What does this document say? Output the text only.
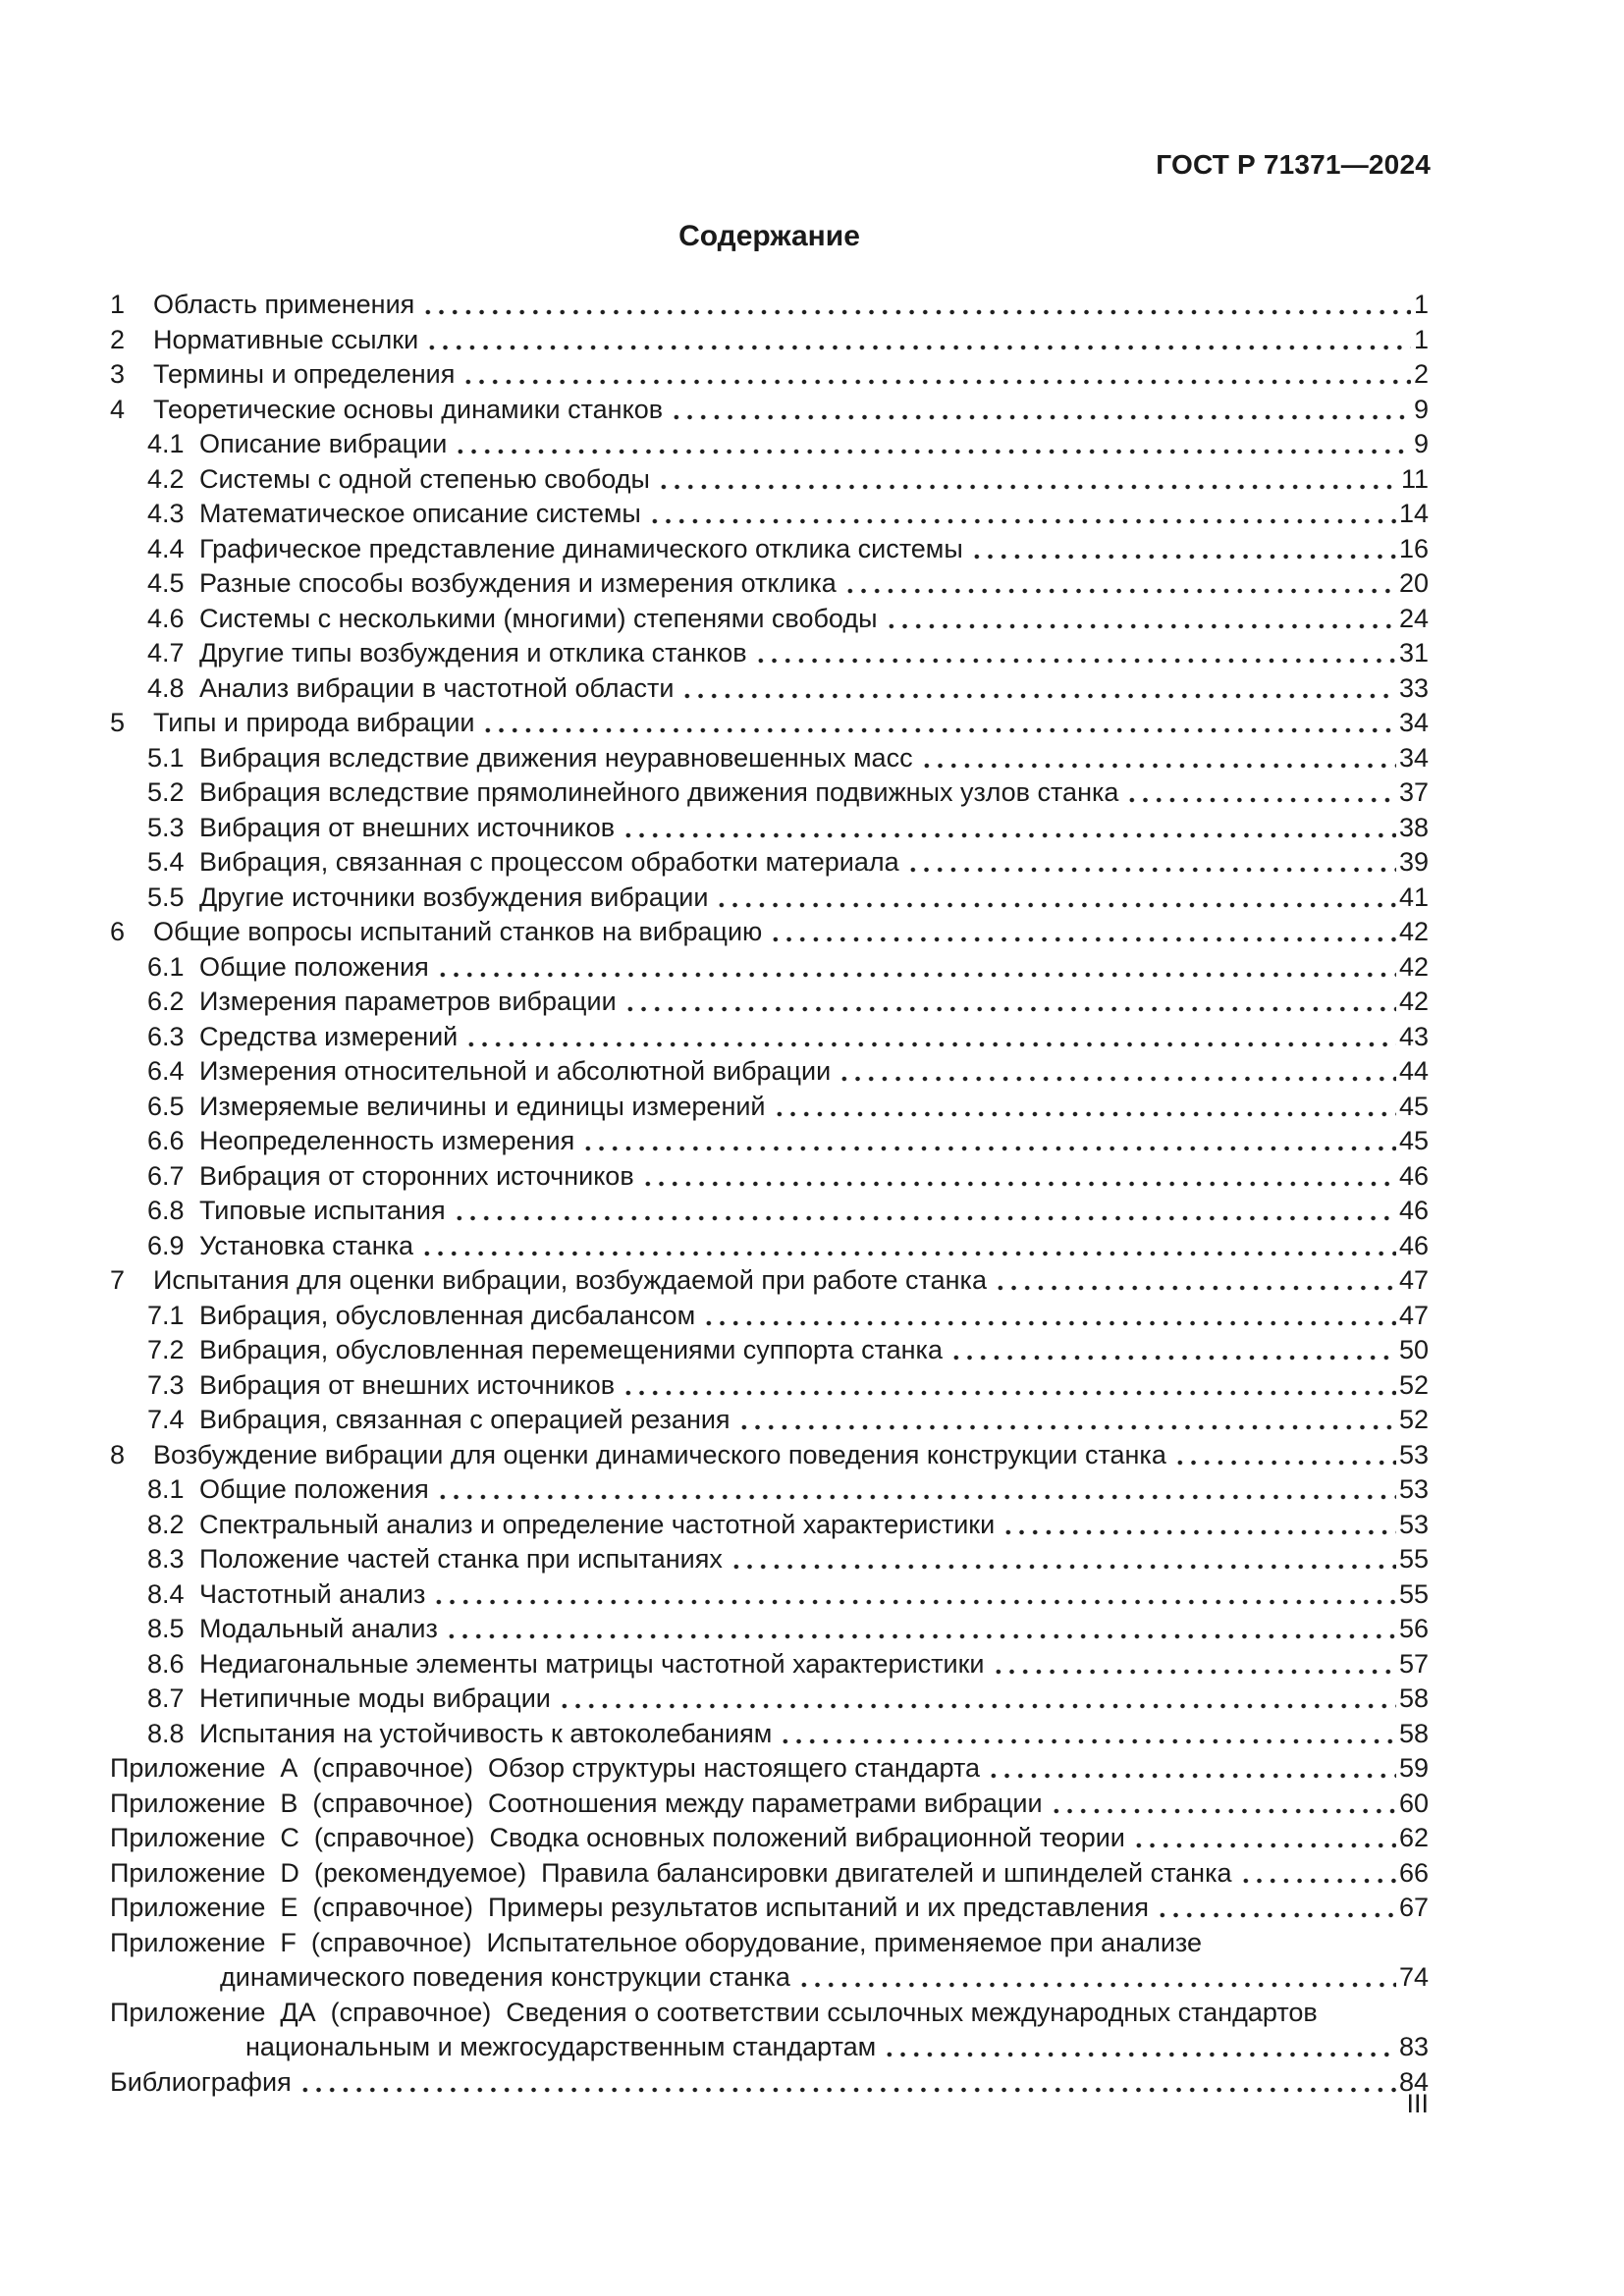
ГОСТ Р 71371—2024
Содержание
1	Область применения	1
2	Нормативные ссылки	1
3	Термины и определения	2
4	Теоретические основы динамики станков	9
4.1 Описание вибрации	9
4.2 Системы с одной степенью свободы	11
4.3 Математическое описание системы	14
4.4 Графическое представление динамического отклика системы	16
4.5 Разные способы возбуждения и измерения отклика	20
4.6 Системы с несколькими (многими) степенями свободы	24
4.7 Другие типы возбуждения и отклика станков	31
4.8 Анализ вибрации в частотной области	33
5	Типы и природа вибрации	34
5.1 Вибрация вследствие движения неуравновешенных масс	34
5.2 Вибрация вследствие прямолинейного движения подвижных узлов станка	37
5.3 Вибрация от внешних источников	38
5.4 Вибрация, связанная с процессом обработки материала	39
5.5 Другие источники возбуждения вибрации	41
6	Общие вопросы испытаний станков на вибрацию	42
6.1 Общие положения	42
6.2 Измерения параметров вибрации	42
6.3 Средства измерений	43
6.4 Измерения относительной и абсолютной вибрации	44
6.5 Измеряемые величины и единицы измерений	45
6.6 Неопределенность измерения	45
6.7 Вибрация от сторонних источников	46
6.8 Типовые испытания	46
6.9 Установка станка	46
7	Испытания для оценки вибрации, возбуждаемой при работе станка	47
7.1 Вибрация, обусловленная дисбалансом	47
7.2 Вибрация, обусловленная перемещениями суппорта станка	50
7.3 Вибрация от внешних источников	52
7.4 Вибрация, связанная с операцией резания	52
8	Возбуждение вибрации для оценки динамического поведения конструкции станка	53
8.1 Общие положения	53
8.2 Спектральный анализ и определение частотной характеристики	53
8.3 Положение частей станка при испытаниях	55
8.4 Частотный анализ	55
8.5 Модальный анализ	56
8.6 Недиагональные элементы матрицы частотной характеристики	57
8.7 Нетипичные моды вибрации	58
8.8 Испытания на устойчивость к автоколебаниям	58
Приложение  А  (справочное)  Обзор структуры настоящего стандарта	59
Приложение  В  (справочное)  Соотношения между параметрами вибрации	60
Приложение  С  (справочное)  Сводка основных положений вибрационной теории	62
Приложение  D  (рекомендуемое)  Правила балансировки двигателей и шпинделей станка	66
Приложение  Е  (справочное)  Примеры результатов испытаний и их представления	67
Приложение  F  (справочное)  Испытательное оборудование, применяемое при анализе
динамического поведения конструкции станка	74
Приложение  ДА  (справочное)  Сведения о соответствии ссылочных международных стандартов
национальным и межгосударственным стандартам	83
Библиография	84
III
